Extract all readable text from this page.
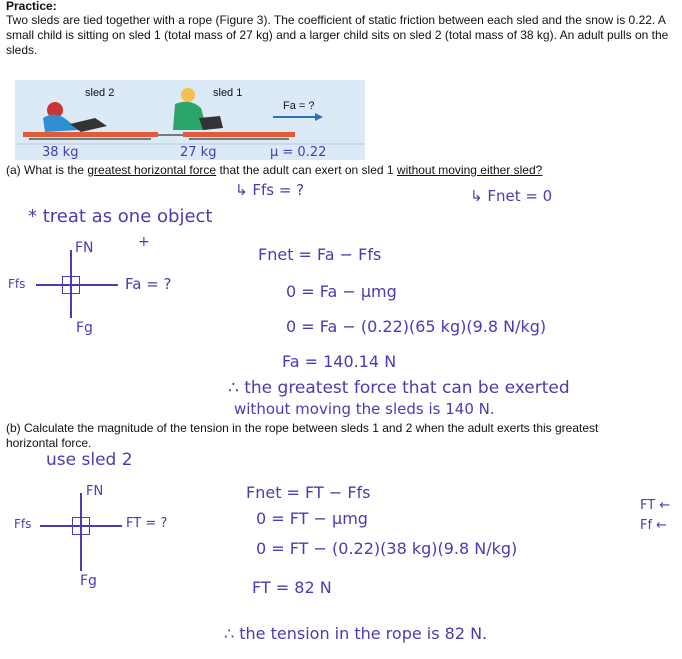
Practice:
Two sleds are tied together with a rope (Figure 3). The coefficient of static friction between each sled and the snow is 0.22. A small child is sitting on sled 1 (total mass of 27 kg) and a larger child sits on sled 2 (total mass of 38 kg). An adult pulls on the sleds.
sled 2	sled 1
Fa = ?
38 kg	27 kg	μ = 0.22
(a) What is the greatest horizontal force that the adult can exert on sled 1 without moving either sled?
↳ Ffs = ?	↳ Fnet = 0
* treat as one object
FN
Ffs	Fa = ?
Fg
+
Fnet = Fa − Ffs
0 = Fa − μmg
0 = Fa − (0.22)(65 kg)(9.8 N/kg)
Fa = 140.14 N
∴ the greatest force that can be exerted
without moving the sleds is 140 N.
(b) Calculate the magnitude of the tension in the rope between sleds 1 and 2 when the adult exerts this greatest
horizontal force.
use sled 2
FN
Ffs	FT = ?
Fg
Fnet = FT − Ffs
0 = FT − μmg
0 = FT − (0.22)(38 kg)(9.8 N/kg)
FT = 82 N
∴ the tension in the rope is 82 N.
FT ←
Ff ←
